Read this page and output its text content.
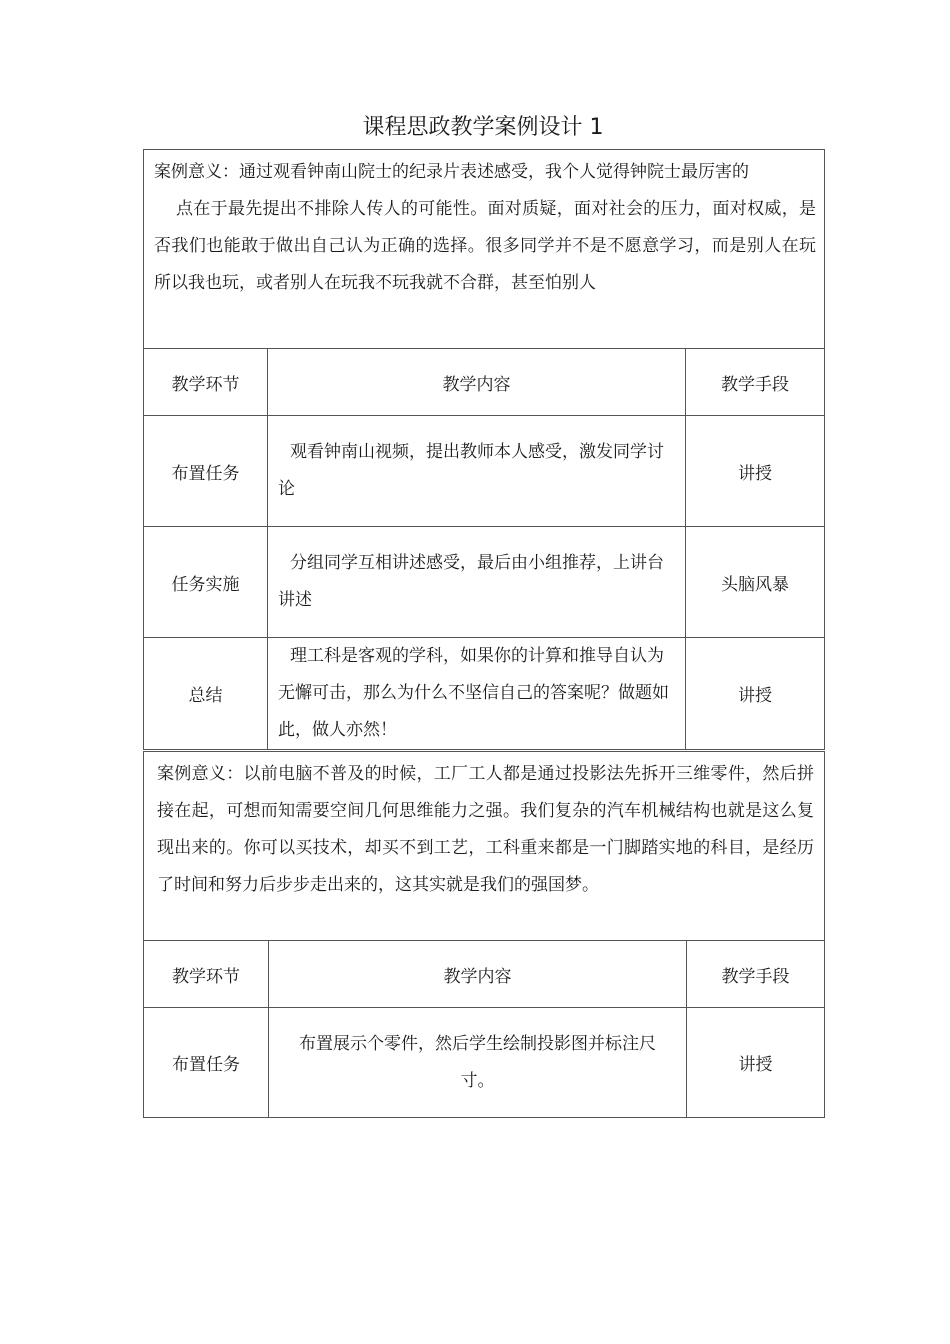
课程思政教学案例设计 1

案例意义：通过观看钟南山院士的纪录片表述感受，我个人觉得钟院士最厉害的

点在于最先提出不排除人传人的可能性。面对质疑，面对社会的压力，面对权威，是否我们也能敢于做出自己认为正确的选择。很多同学并不是不愿意学习，而是别人在玩所以我也玩，或者别人在玩我不玩我就不合群，甚至怕别人		

教学环节	教学内容	教学手段
布置任务	观看钟南山视频，提出教师本人感受，激发同学讨论	讲授
任务实施	分组同学互相讲述感受，最后由小组推荐，上讲台讲述	头脑风暴
总结	理工科是客观的学科，如果你的计算和推导自认为无懈可击，那么为什么不坚信自己的答案呢？做题如此，做人亦然！	讲授

案例意义：以前电脑不普及的时候，工厂工人都是通过投影法先拆开三维零件，然后拼接在起，可想而知需要空间几何思维能力之强。我们复杂的汽车机械结构也就是这么复现出来的。你可以买技术，却买不到工艺，工科重来都是一门脚踏实地的科目，是经历了时间和努力后步步走出来的，这其实就是我们的强国梦。		

教学环节	教学内容	教学手段
布置任务	布置展示个零件，然后学生绘制投影图并标注尺寸。	讲授
